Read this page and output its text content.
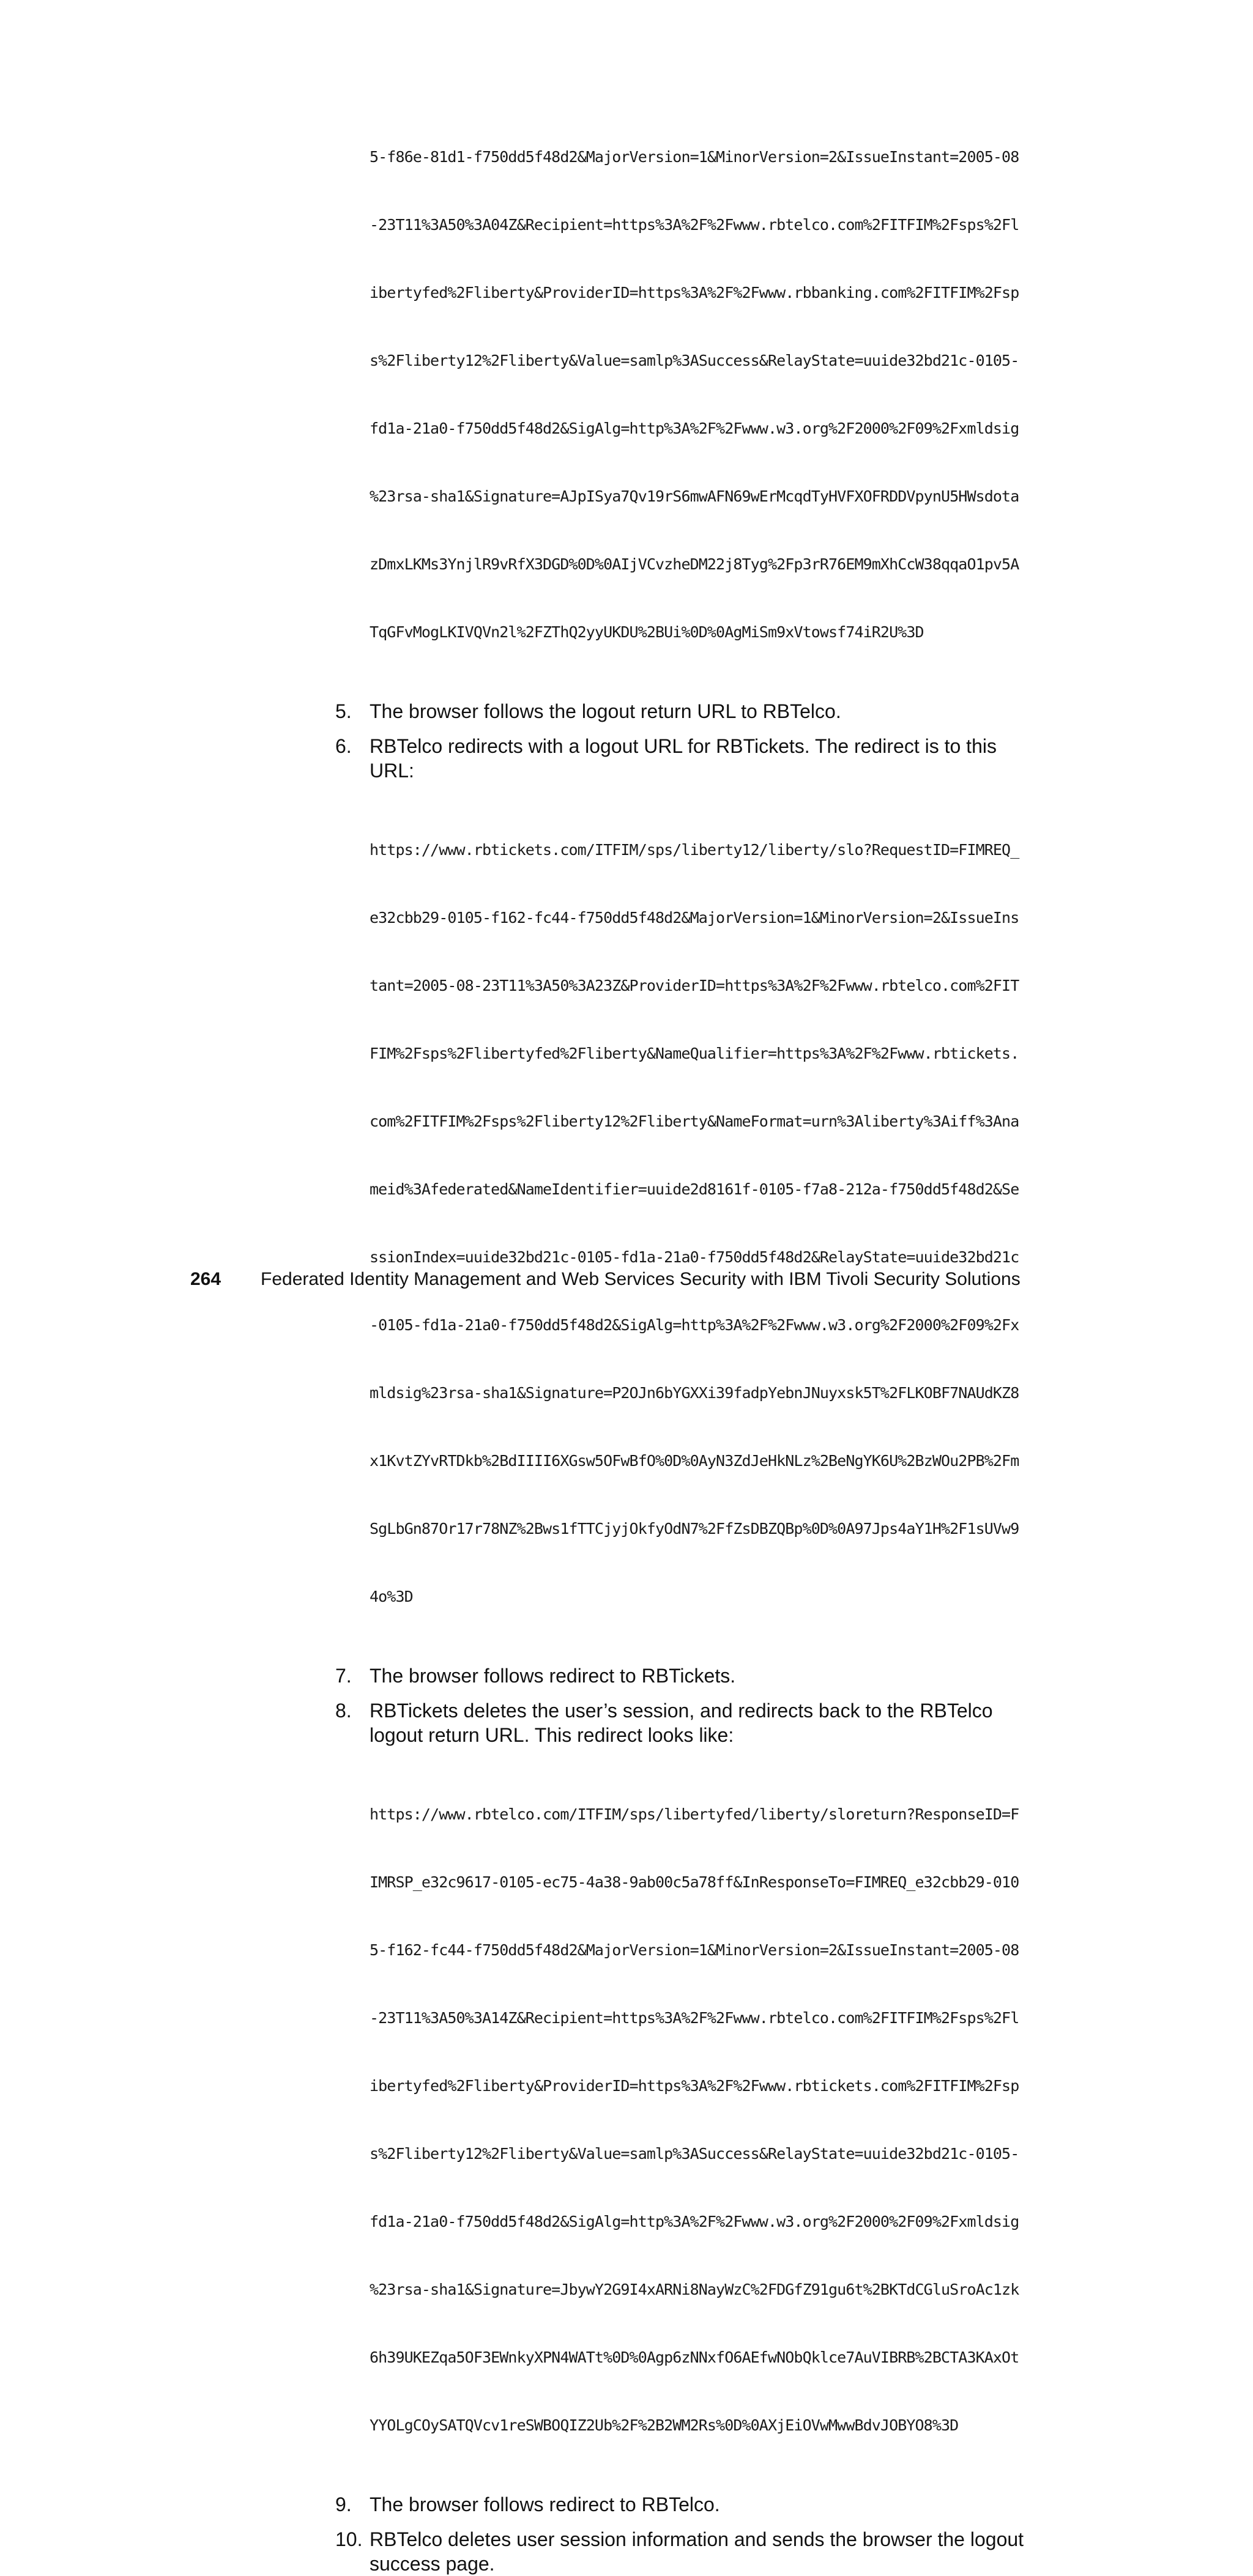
5-f86e-81d1-f750dd5f48d2&MajorVersion=1&MinorVersion=2&IssueInstant=2005-08

-23T11%3A50%3A04Z&Recipient=https%3A%2F%2Fwww.rbtelco.com%2FITFIM%2Fsps%2Fl

ibertyfed%2Fliberty&ProviderID=https%3A%2F%2Fwww.rbbanking.com%2FITFIM%2Fsp

s%2Fliberty12%2Fliberty&Value=samlp%3ASuccess&RelayState=uuide32bd21c-0105-

fd1a-21a0-f750dd5f48d2&SigAlg=http%3A%2F%2Fwww.w3.org%2F2000%2F09%2Fxmldsig

%23rsa-sha1&Signature=AJpISya7Qv19rS6mwAFN69wErMcqdTyHVFXOFRDDVpynU5HWsdota

zDmxLKMs3YnjlR9vRfX3DGD%0D%0AIjVCvzheDM22j8Tyg%2Fp3rR76EM9mXhCcW38qqaO1pv5A

TqGFvMogLKIVQVn2l%2FZThQ2yyUKDU%2BUi%0D%0AgMiSm9xVtowsf74iR2U%3D

5. The browser follows the logout return URL to RBTelco.
6. RBTelco redirects with a logout URL for RBTickets. The redirect is to this
URL:

https://www.rbtickets.com/ITFIM/sps/liberty12/liberty/slo?RequestID=FIMREQ_

e32cbb29-0105-f162-fc44-f750dd5f48d2&MajorVersion=1&MinorVersion=2&IssueIns

tant=2005-08-23T11%3A50%3A23Z&ProviderID=https%3A%2F%2Fwww.rbtelco.com%2FIT

FIM%2Fsps%2Flibertyfed%2Fliberty&NameQualifier=https%3A%2F%2Fwww.rbtickets.

com%2FITFIM%2Fsps%2Fliberty12%2Fliberty&NameFormat=urn%3Aliberty%3Aiff%3Ana

meid%3Afederated&NameIdentifier=uuide2d8161f-0105-f7a8-212a-f750dd5f48d2&Se

ssionIndex=uuide32bd21c-0105-fd1a-21a0-f750dd5f48d2&RelayState=uuide32bd21c

-0105-fd1a-21a0-f750dd5f48d2&SigAlg=http%3A%2F%2Fwww.w3.org%2F2000%2F09%2Fx

mldsig%23rsa-sha1&Signature=P2OJn6bYGXXi39fadpYebnJNuyxsk5T%2FLKOBF7NAUdKZ8

x1KvtZYvRTDkb%2BdIIII6XGsw5OFwBfO%0D%0AyN3ZdJeHkNLz%2BeNgYK6U%2BzWOu2PB%2Fm

SgLbGn87Or17r78NZ%2Bws1fTTCjyjOkfyOdN7%2FfZsDBZQBp%0D%0A97Jps4aY1H%2F1sUVw9

4o%3D

7. The browser follows redirect to RBTickets.
8. RBTickets deletes the user’s session, and redirects back to the RBTelco
logout return URL. This redirect looks like:

https://www.rbtelco.com/ITFIM/sps/libertyfed/liberty/sloreturn?ResponseID=F

IMRSP_e32c9617-0105-ec75-4a38-9ab00c5a78ff&InResponseTo=FIMREQ_e32cbb29-010

5-f162-fc44-f750dd5f48d2&MajorVersion=1&MinorVersion=2&IssueInstant=2005-08

-23T11%3A50%3A14Z&Recipient=https%3A%2F%2Fwww.rbtelco.com%2FITFIM%2Fsps%2Fl

ibertyfed%2Fliberty&ProviderID=https%3A%2F%2Fwww.rbtickets.com%2FITFIM%2Fsp

s%2Fliberty12%2Fliberty&Value=samlp%3ASuccess&RelayState=uuide32bd21c-0105-

fd1a-21a0-f750dd5f48d2&SigAlg=http%3A%2F%2Fwww.w3.org%2F2000%2F09%2Fxmldsig

%23rsa-sha1&Signature=JbywY2G9I4xARNi8NayWzC%2FDGfZ91gu6t%2BKTdCGluSroAc1zk

6h39UKEZqa5OF3EWnkyXPN4WATt%0D%0Agp6zNNxfO6AEfwNObQklce7AuVIBRB%2BCTA3KAxOt

YYOLgCOySATQVcv1reSWBOQIZ2Ub%2F%2B2WM2Rs%0D%0AXjEiOVwMwwBdvJOBYO8%3D

9. The browser follows redirect to RBTelco.
10. RBTelco deletes user session information and sends the browser the logout
success page.
264 Federated Identity Management and Web Services Security with IBM Tivoli Security Solutions
